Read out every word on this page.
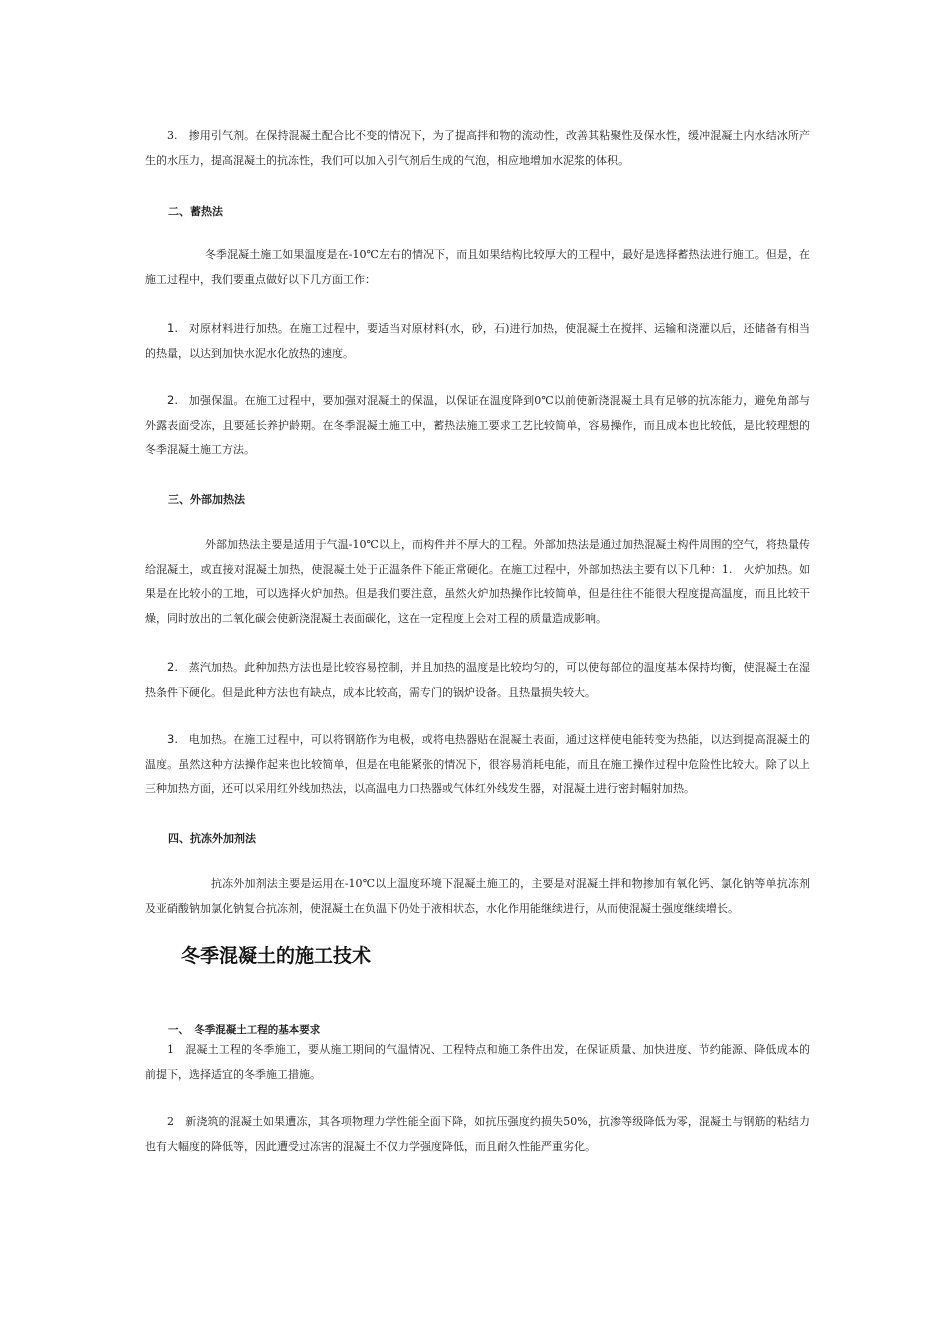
3.　掺用引气剂。在保持混凝土配合比不变的情况下，为了提高拌和物的流动性，改善其粘聚性及保水性，缓冲混凝土内水结冰所产生的水压力，提高混凝土的抗冻性，我们可以加入引气剂后生成的气泡，相应地增加水泥浆的体积。

二、蓄热法

冬季混凝土施工如果温度是在-10℃左右的情况下，而且如果结构比较厚大的工程中，最好是选择蓄热法进行施工。但是，在施工过程中，我们要重点做好以下几方面工作：

1. 对原材料进行加热。在施工过程中，要适当对原材料(水，砂，石)进行加热，使混凝土在搅拌、运输和浇灌以后，还储备有相当的热量，以达到加快水泥水化放热的速度。

2. 加强保温。在施工过程中，要加强对混凝土的保温，以保证在温度降到0℃以前使新浇混凝土具有足够的抗冻能力，避免角部与外露表面受冻，且要延长养护龄期。在冬季混凝土施工中，蓄热法施工要求工艺比较简单，容易操作，而且成本也比较低，是比较理想的冬季混凝土施工方法。

三、外部加热法

外部加热法主要是适用于气温-10℃以上，而构件并不厚大的工程。外部加热法是通过加热混凝土构件周围的空气，将热量传给混凝土，或直接对混凝土加热，使混凝土处于正温条件下能正常硬化。在施工过程中，外部加热法主要有以下几种：1.　火炉加热。如果是在比较小的工地，可以选择火炉加热。但是我们要注意，虽然火炉加热操作比较简单，但是往往不能很大程度提高温度，而且比较干燥，同时放出的二氧化碳会使新浇混凝土表面碳化，这在一定程度上会对工程的质量造成影响。

2. 蒸汽加热。此种加热方法也是比较容易控制，并且加热的温度是比较均匀的，可以使每部位的温度基本保持均衡，使混凝土在湿热条件下硬化。但是此种方法也有缺点，成本比较高，需专门的锅炉设备。且热量损失较大。

3. 电加热。在施工过程中，可以将钢筋作为电极，或将电热器贴在混凝土表面，通过这样使电能转变为热能，以达到提高混凝土的温度。虽然这种方法操作起来也比较简单，但是在电能紧张的情况下，很容易消耗电能，而且在施工操作过程中危险性比较大。除了以上三种加热方面，还可以采用红外线加热法，以高温电力口热器或气体红外线发生器，对混凝土进行密封幅射加热。

四、抗冻外加剂法

抗冻外加剂法主要是运用在-10℃以上温度环境下混凝土施工的，主要是对混凝土拌和物掺加有氧化钙、氯化钠等单抗冻剂及亚硝酸钠加氯化钠复合抗冻剂，使混凝土在负温下仍处于液相状态，水化作用能继续进行，从而使混凝土强度继续增长。

冬季混凝土的施工技术

一、　冬季混凝土工程的基本要求

1　混凝土工程的冬季施工，要从施工期间的气温情况、工程特点和施工条件出发，在保证质量、加快进度、节约能源、降低成本的前提下，选择适宜的冬季施工措施。

2　新浇筑的混凝土如果遭冻，其各项物理力学性能全面下降，如抗压强度约损失50%，抗渗等级降低为零，混凝土与钢筋的粘结力也有大幅度的降低等，因此遭受过冻害的混凝土不仅力学强度降低，而且耐久性能严重劣化。
